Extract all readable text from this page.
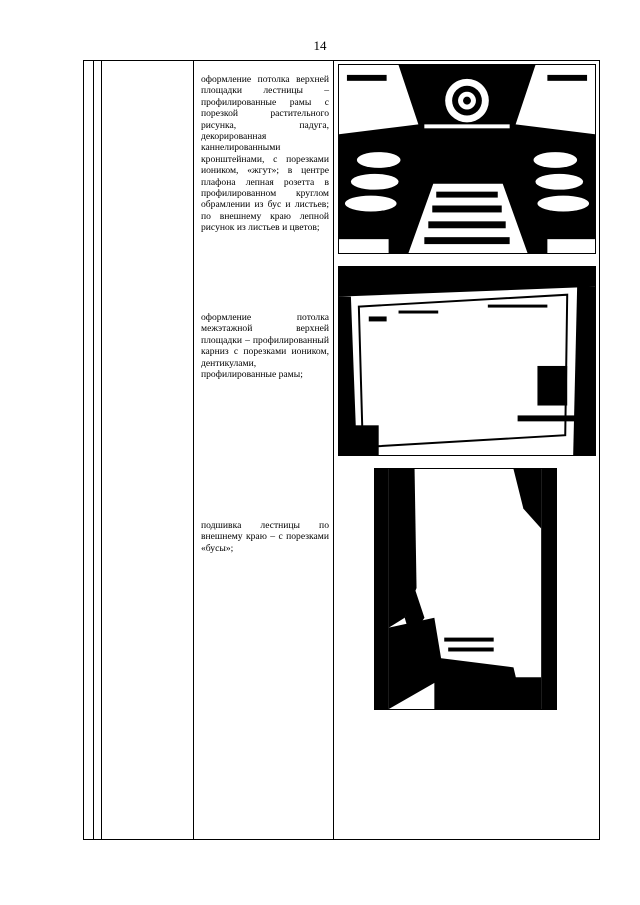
14
оформление потолка верхней площадки лестницы – профилированные рамы с порезкой растительного рисунка, падуга, декорированная каннелированными кронштейнами, с порезками иоником, «жгут»; в центре плафона лепная розетта в профилированном круглом обрамлении из бус и листьев; по внешнему краю лепной рисунок из листьев и цветов;
оформление потолка межэтажной верхней площадки – профилированный карниз с порезками иоником, дентикулами, профилированные рамы;
подшивка лестницы по внешнему краю – с порезками «бусы»;
